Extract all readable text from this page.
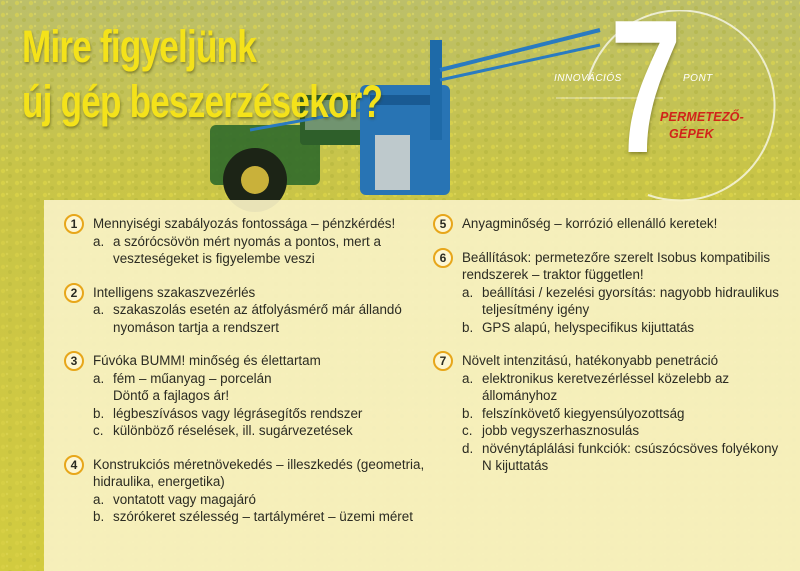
Mire figyeljünk
új gép beszerzésekor? 7
INNOVÁCIÓS	PONT
PERMETEZŐ-
GÉPEK
1	Mennyiségi szabályozás fontossága – pénzkérdés!
a. a szórócsövön mért nyomás a pontos, mert a veszteségeket is figyelembe veszi
2	Intelligens szakaszvezérlés
a. szakaszolás esetén az átfolyásmérő már állandó nyomáson tartja a rendszert
3	Fúvóka BUMM! minőség és élettartam
a. fém – műanyag – porcelán
Döntő a fajlagos ár!
b. légbeszívásos vagy légrásegítős rendszer
c. különböző réselések, ill. sugárvezetések
4	Konstrukciós méretnövekedés – illeszkedés (geometria, hidraulika, energetika)
a. vontatott vagy magajáró
b. szórókeret szélesség – tartályméret – üzemi méret
5	Anyagminőség – korrózió ellenálló keretek!
6	Beállítások: permetezőre szerelt Isobus kompatibilis rendszerek – traktor független!
a. beállítási / kezelési gyorsítás: nagyobb hidraulikus teljesítmény igény
b. GPS alapú, helyspecifikus kijuttatás
7	Növelt intenzitású, hatékonyabb penetráció
a. elektronikus keretvezérléssel közelebb az állományhoz
b. felszínkövető kiegyensúlyozottság
c. jobb vegyszerhasznosulás
d. növénytáplálási funkciók: csúszócsöves folyékony N kijuttatás
